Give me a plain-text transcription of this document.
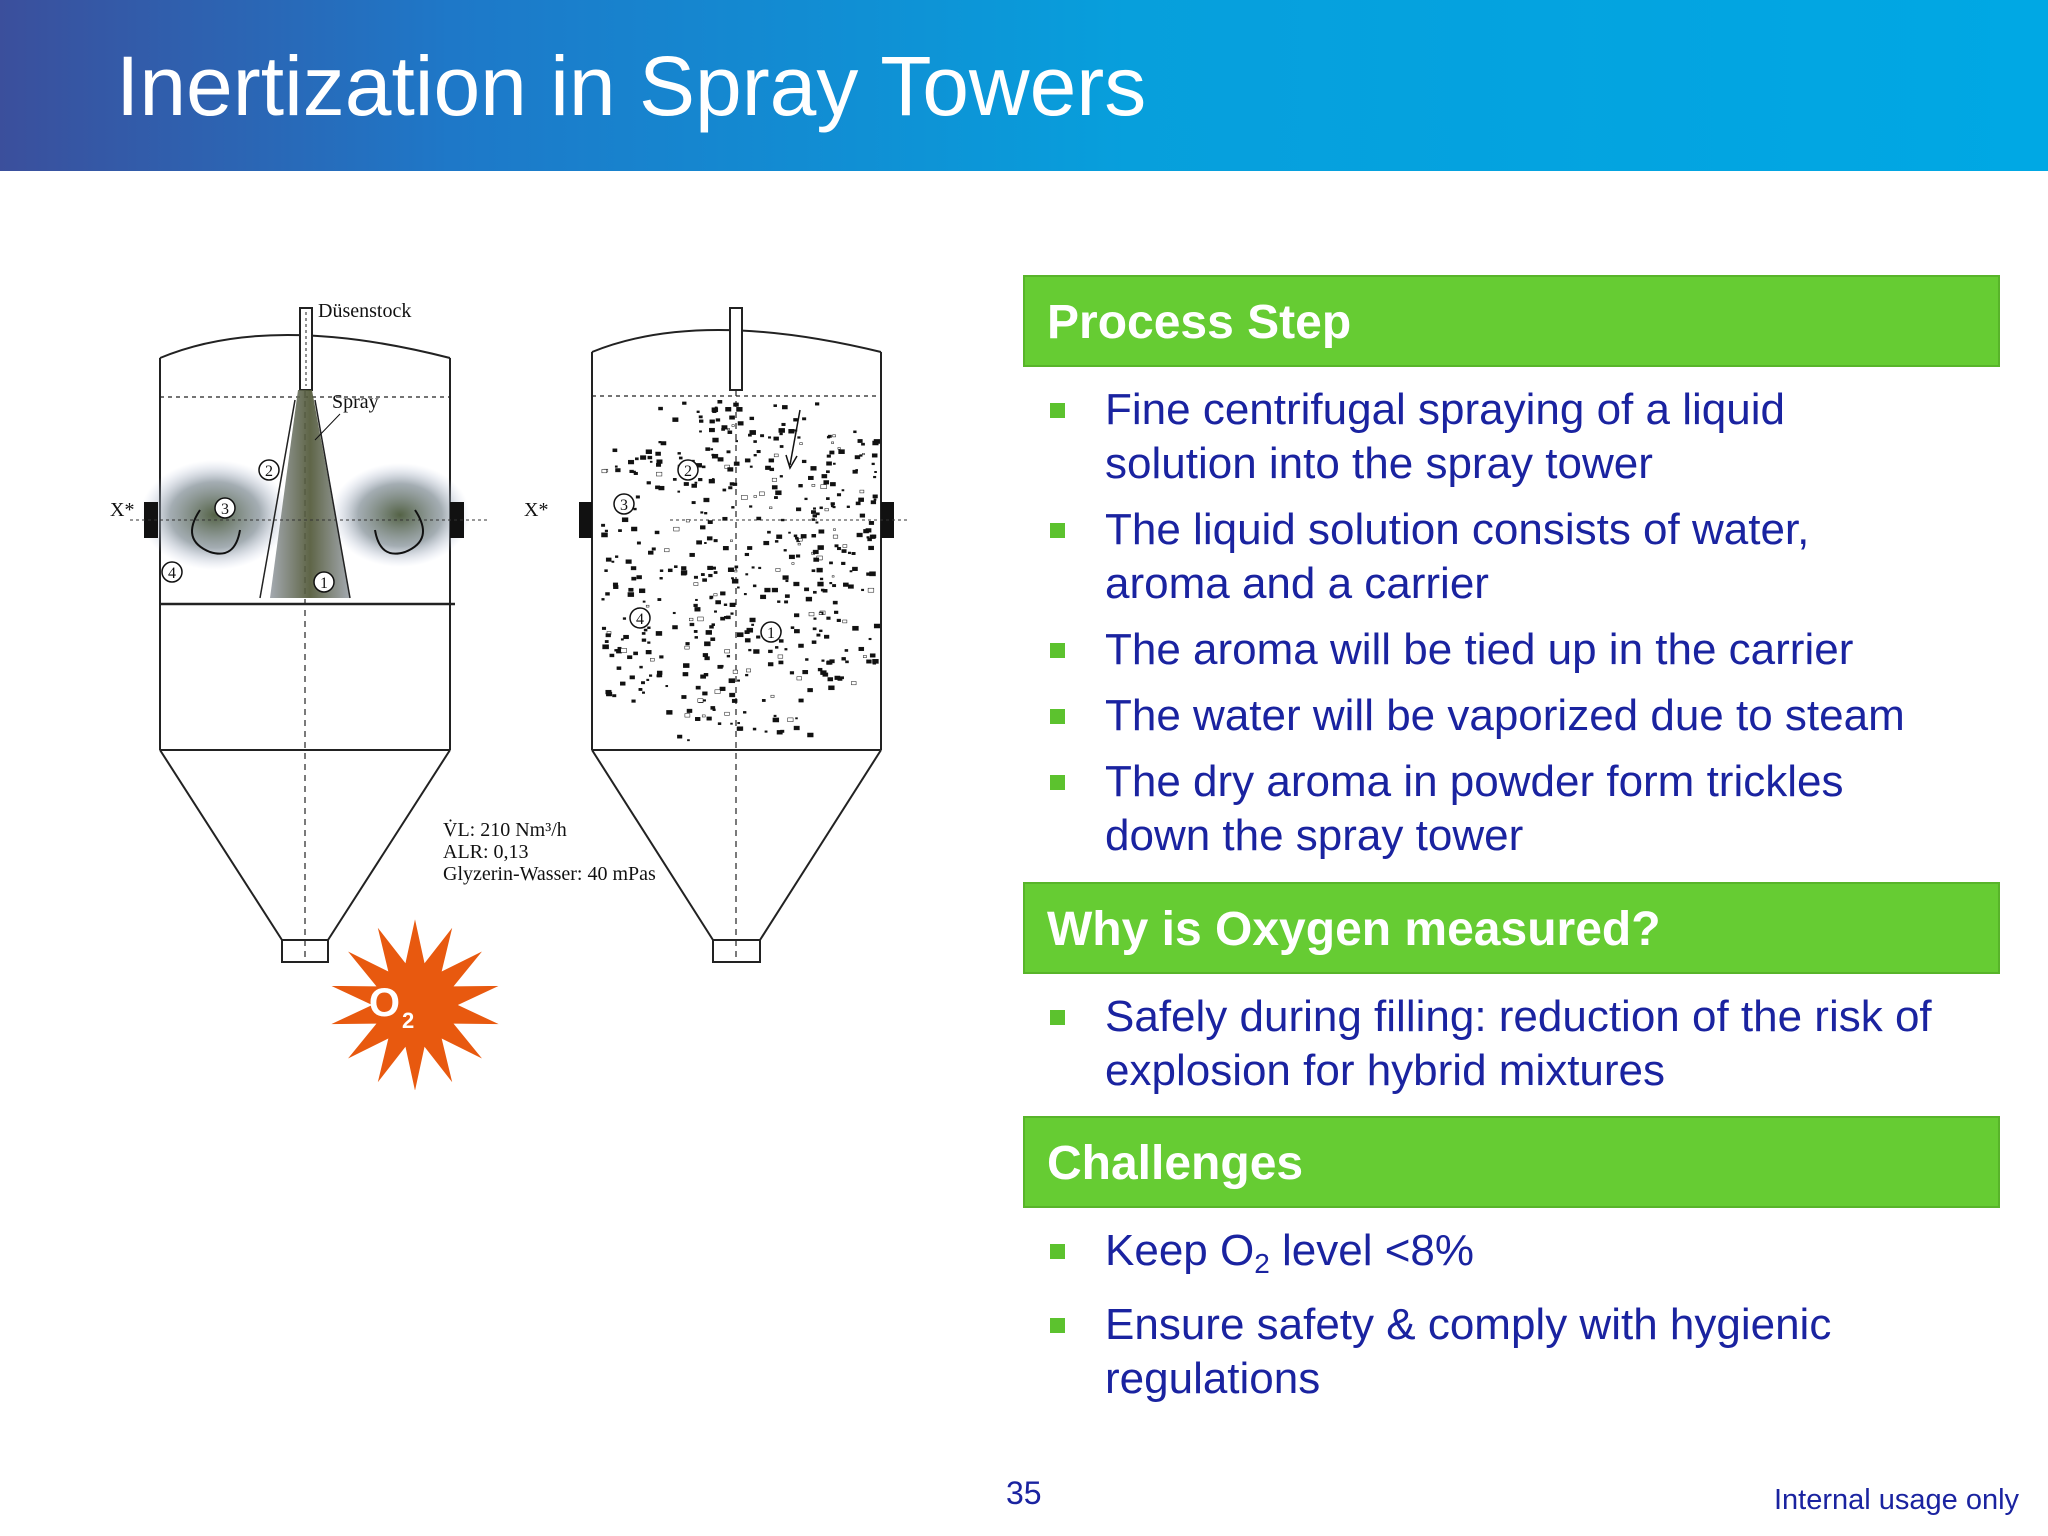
Inertization in Spray Towers
Düsenstock
Spray
X*
2
3
4
1
V̇L: 210 Nm³/h
ALR: 0,13
Glyzerin-Wasser: 40 mPas
X*
2
3
4
1
O 2
Process Step
Fine centrifugal spraying of a liquid
solution into the spray tower
The liquid solution consists of water,
aroma and a carrier
The aroma will be tied up in the carrier
The water will be vaporized due to steam
The dry aroma in powder form trickles
down the spray tower
Why is Oxygen measured?
Safely during filling: reduction of the risk of
explosion for hybrid mixtures
Challenges
Keep $O_2$ level <8%
Ensure safety & comply with hygienic
regulations
35	Internal usage only
